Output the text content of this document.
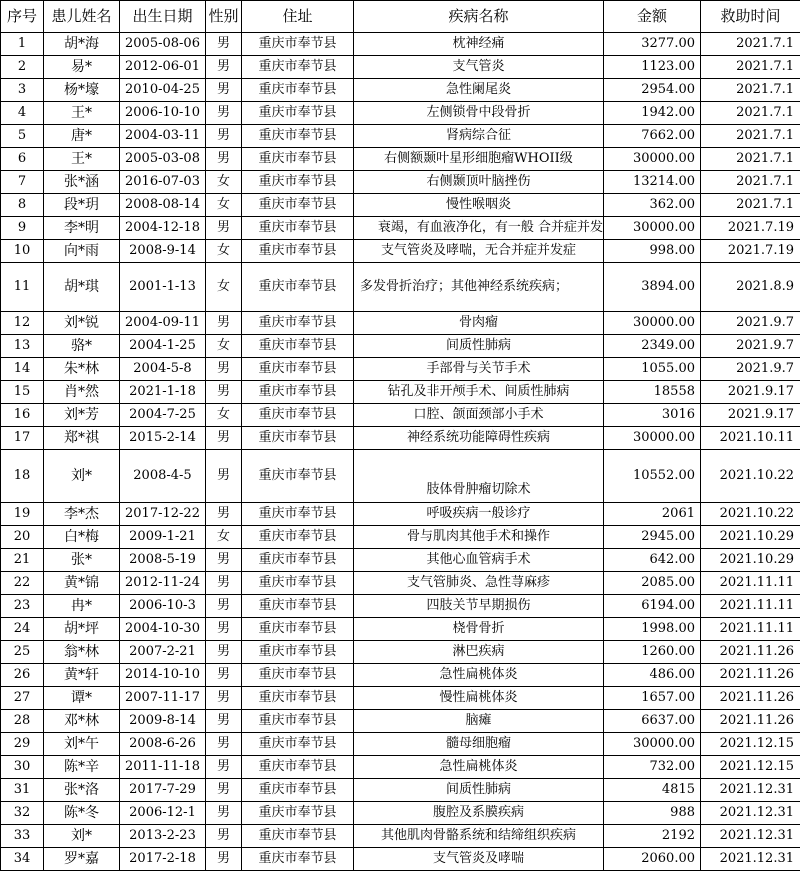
序号	患儿姓名	出生日期	性别	住址	疾病名称	金额	救助时间
1	胡*海	2005-08-06	男	重庆市奉节县	枕神经痛	3277.00	2021.7.1
2	易*	2012-06-01	男	重庆市奉节县	支气管炎	1123.00	2021.7.1
3	杨*壕	2010-04-25	男	重庆市奉节县	急性阑尾炎	2954.00	2021.7.1
4	王*	2006-10-10	男	重庆市奉节县	左侧锁骨中段骨折	1942.00	2021.7.1
5	唐*	2004-03-11	男	重庆市奉节县	肾病综合征	7662.00	2021.7.1
6	王*	2005-03-08	男	重庆市奉节县	右侧额颞叶星形细胞瘤WHOII级	30000.00	2021.7.1
7	张*涵	2016-07-03	女	重庆市奉节县	右侧颞顶叶脑挫伤	13214.00	2021.7.1
8	段*玥	2008-08-14	女	重庆市奉节县	慢性喉咽炎	362.00	2021.7.1
9	李*明	2004-12-18	男	重庆市奉节县	衰竭，有血液净化，有一般 合并症并发	30000.00	2021.7.19
10	向*雨	2008-9-14	女	重庆市奉节县	支气管炎及哮喘，无合并症并发症	998.00	2021.7.19
11	胡*琪	2001-1-13	女	重庆市奉节县	多发骨折治疗；其他神经系统疾病；	3894.00	2021.8.9
12	刘*锐	2004-09-11	男	重庆市奉节县	骨肉瘤	30000.00	2021.9.7
13	骆*	2004-1-25	女	重庆市奉节县	间质性肺病	2349.00	2021.9.7
14	朱*林	2004-5-8	男	重庆市奉节县	手部骨与关节手术	1055.00	2021.9.7
15	肖*然	2021-1-18	男	重庆市奉节县	钻孔及非开颅手术、间质性肺病	18558	2021.9.17
16	刘*芳	2004-7-25	女	重庆市奉节县	口腔、颌面颈部小手术	3016	2021.9.17
17	郑*祺	2015-2-14	男	重庆市奉节县	神经系统功能障碍性疾病	30000.00	2021.10.11
18	刘*	2008-4-5	男	重庆市奉节县	肢体骨肿瘤切除术	10552.00	2021.10.22
19	李*杰	2017-12-22	男	重庆市奉节县	呼吸疾病一般诊疗	2061	2021.10.22
20	白*梅	2009-1-21	女	重庆市奉节县	骨与肌肉其他手术和操作	2945.00	2021.10.29
21	张*	2008-5-19	男	重庆市奉节县	其他心血管病手术	642.00	2021.10.29
22	黄*锦	2012-11-24	男	重庆市奉节县	支气管肺炎、急性荨麻疹	2085.00	2021.11.11
23	冉*	2006-10-3	男	重庆市奉节县	四肢关节早期损伤	6194.00	2021.11.11
24	胡*坪	2004-10-30	男	重庆市奉节县	桡骨骨折	1998.00	2021.11.11
25	翁*林	2007-2-21	男	重庆市奉节县	淋巴疾病	1260.00	2021.11.26
26	黄*轩	2014-10-10	男	重庆市奉节县	急性扁桃体炎	486.00	2021.11.26
27	谭*	2007-11-17	男	重庆市奉节县	慢性扁桃体炎	1657.00	2021.11.26
28	邓*林	2009-8-14	男	重庆市奉节县	脑瘫	6637.00	2021.11.26
29	刘*午	2008-6-26	男	重庆市奉节县	髓母细胞瘤	30000.00	2021.12.15
30	陈*辛	2011-11-18	男	重庆市奉节县	急性扁桃体炎	732.00	2021.12.15
31	张*洛	2017-7-29	男	重庆市奉节县	间质性肺病	4815	2021.12.31
32	陈*冬	2006-12-1	男	重庆市奉节县	腹腔及系膜疾病	988	2021.12.31
33	刘*	2013-2-23	男	重庆市奉节县	其他肌肉骨骼系统和结缔组织疾病	2192	2021.12.31
34	罗*嘉	2017-2-18	男	重庆市奉节县	支气管炎及哮喘	2060.00	2021.12.31
